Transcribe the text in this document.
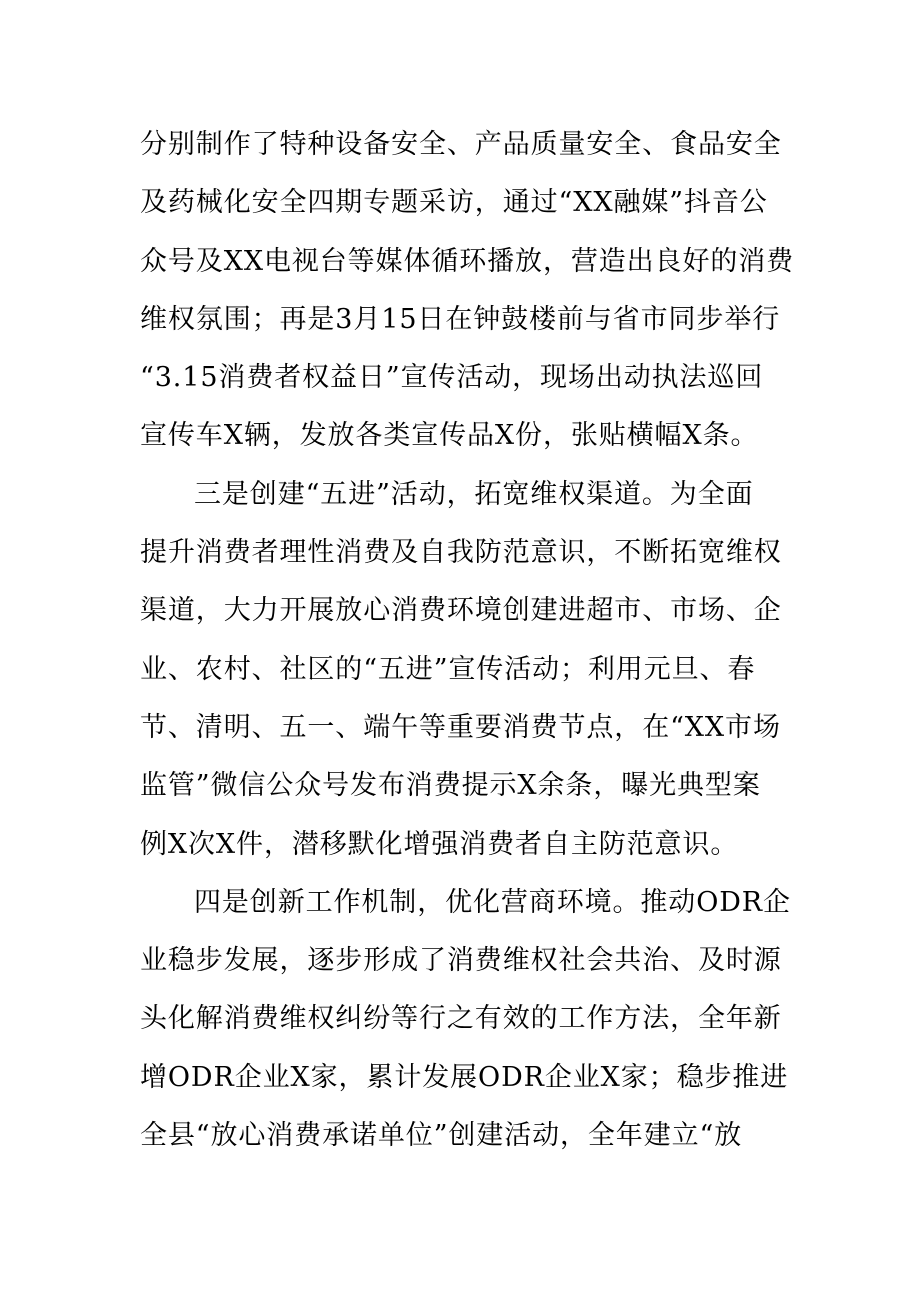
分别制作了特种设备安全、产品质量安全、食品安全
及药械化安全四期专题采访，通过“XX融媒”抖音公
众号及XX电视台等媒体循环播放，营造出良好的消费
维权氛围；再是3月15日在钟鼓楼前与省市同步举行
“3.15消费者权益日”宣传活动，现场出动执法巡回
宣传车X辆，发放各类宣传品X份，张贴横幅X条。
三是创建“五进”活动，拓宽维权渠道。为全面
提升消费者理性消费及自我防范意识，不断拓宽维权
渠道，大力开展放心消费环境创建进超市、市场、企
业、农村、社区的“五进”宣传活动；利用元旦、春
节、清明、五一、端午等重要消费节点，在“XX市场
监管”微信公众号发布消费提示X余条，曝光典型案
例X次X件，潜移默化增强消费者自主防范意识。
四是创新工作机制，优化营商环境。推动ODR企
业稳步发展，逐步形成了消费维权社会共治、及时源
头化解消费维权纠纷等行之有效的工作方法，全年新
增ODR企业X家，累计发展ODR企业X家；稳步推进
全县“放心消费承诺单位”创建活动，全年建立“放
